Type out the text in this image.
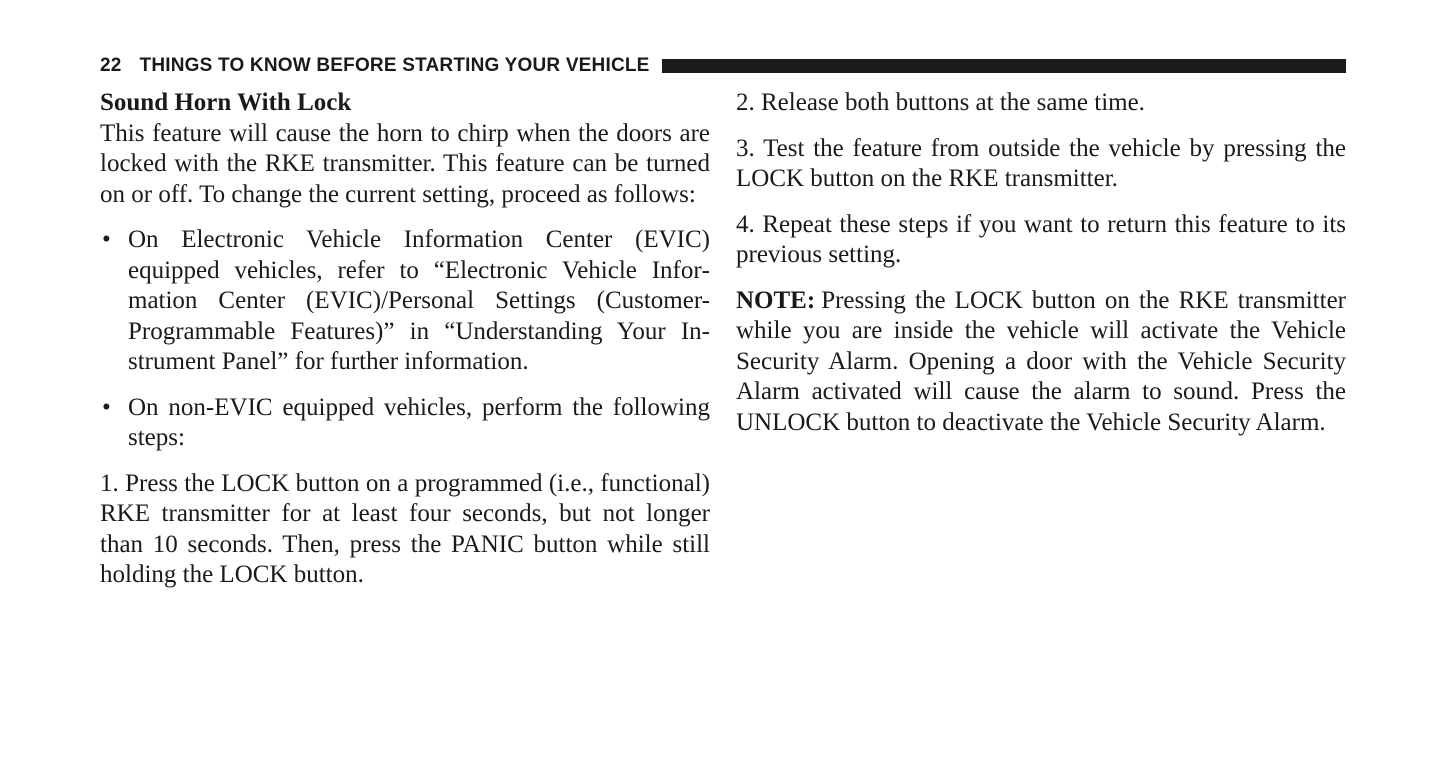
22 THINGS TO KNOW BEFORE STARTING YOUR VEHICLE

Sound Horn With Lock

This feature will cause the horn to chirp when the doors are locked with the RKE transmitter. This feature can be turned on or off. To change the current setting, proceed as follows:

• On Electronic Vehicle Information Center (EVIC) equipped vehicles, refer to “Electronic Vehicle Information Center (EVIC)/Personal Settings (Customer-Programmable Features)” in “Understanding Your Instrument Panel” for further information.
• On non-EVIC equipped vehicles, perform the following steps:

1. Press the LOCK button on a programmed (i.e., functional) RKE transmitter for at least four seconds, but not longer than 10 seconds. Then, press the PANIC button while still holding the LOCK button.

2. Release both buttons at the same time.

3. Test the feature from outside the vehicle by pressing the LOCK button on the RKE transmitter.

4. Repeat these steps if you want to return this feature to its previous setting.

NOTE: Pressing the LOCK button on the RKE transmitter while you are inside the vehicle will activate the Vehicle Security Alarm. Opening a door with the Vehicle Security Alarm activated will cause the alarm to sound. Press the UNLOCK button to deactivate the Vehicle Security Alarm.
